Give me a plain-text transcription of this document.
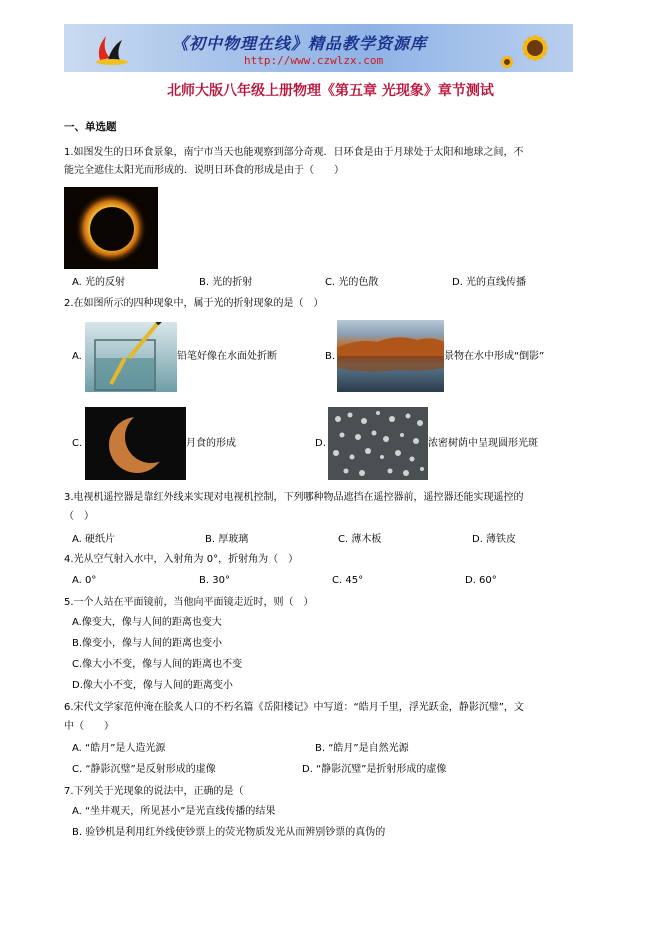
《初中物理在线》精品教学资源库
http://www.czwlzx.com
北师大版八年级上册物理《第五章 光现象》章节测试
一、单选题
1.如图发生的日环食景象，南宁市当天也能观察到部分奇观．日环食是由于月球处于太阳和地球之间，不
能完全遮住太阳光而形成的．说明日环食的形成是由于（　　）
A. 光的反射	B. 光的折射	C. 光的色散	D. 光的直线传播
2.在如图所示的四种现象中，属于光的折射现象的是（　）
A.	铅笔好像在水面处折断	B.	景物在水中形成“倒影”
C.	月食的形成	D.	浓密树荫中呈现圆形光斑
3.电视机遥控器是靠红外线来实现对电视机控制，下列哪种物品遮挡在遥控器前，遥控器还能实现遥控的
（　）
A. 硬纸片	B. 厚玻璃	C. 薄木板	D. 薄铁皮
4.光从空气射入水中，入射角为 0°，折射角为（　）
A. 0°	B. 30°	C. 45°	D. 60°
5.一个人站在平面镜前，当他向平面镜走近时，则（　）
A.像变大，像与人间的距离也变大
B.像变小，像与人间的距离也变小
C.像大小不变，像与人间的距离也不变
D.像大小不变，像与人间的距离变小
6.宋代文学家范仲淹在脍炙人口的不朽名篇《岳阳楼记》中写道：“皓月千里，浮光跃金，静影沉璧”，文
中（　　）
A. “皓月”是人造光源	B. “皓月”是自然光源
C. “静影沉璧”是反射形成的虚像	D. “静影沉璧”是折射形成的虚像
7.下列关于光现象的说法中，正确的是（
A. “坐井观天，所见甚小”是光直线传播的结果
B. 验钞机是利用红外线使钞票上的荧光物质发光从而辨别钞票的真伪的
